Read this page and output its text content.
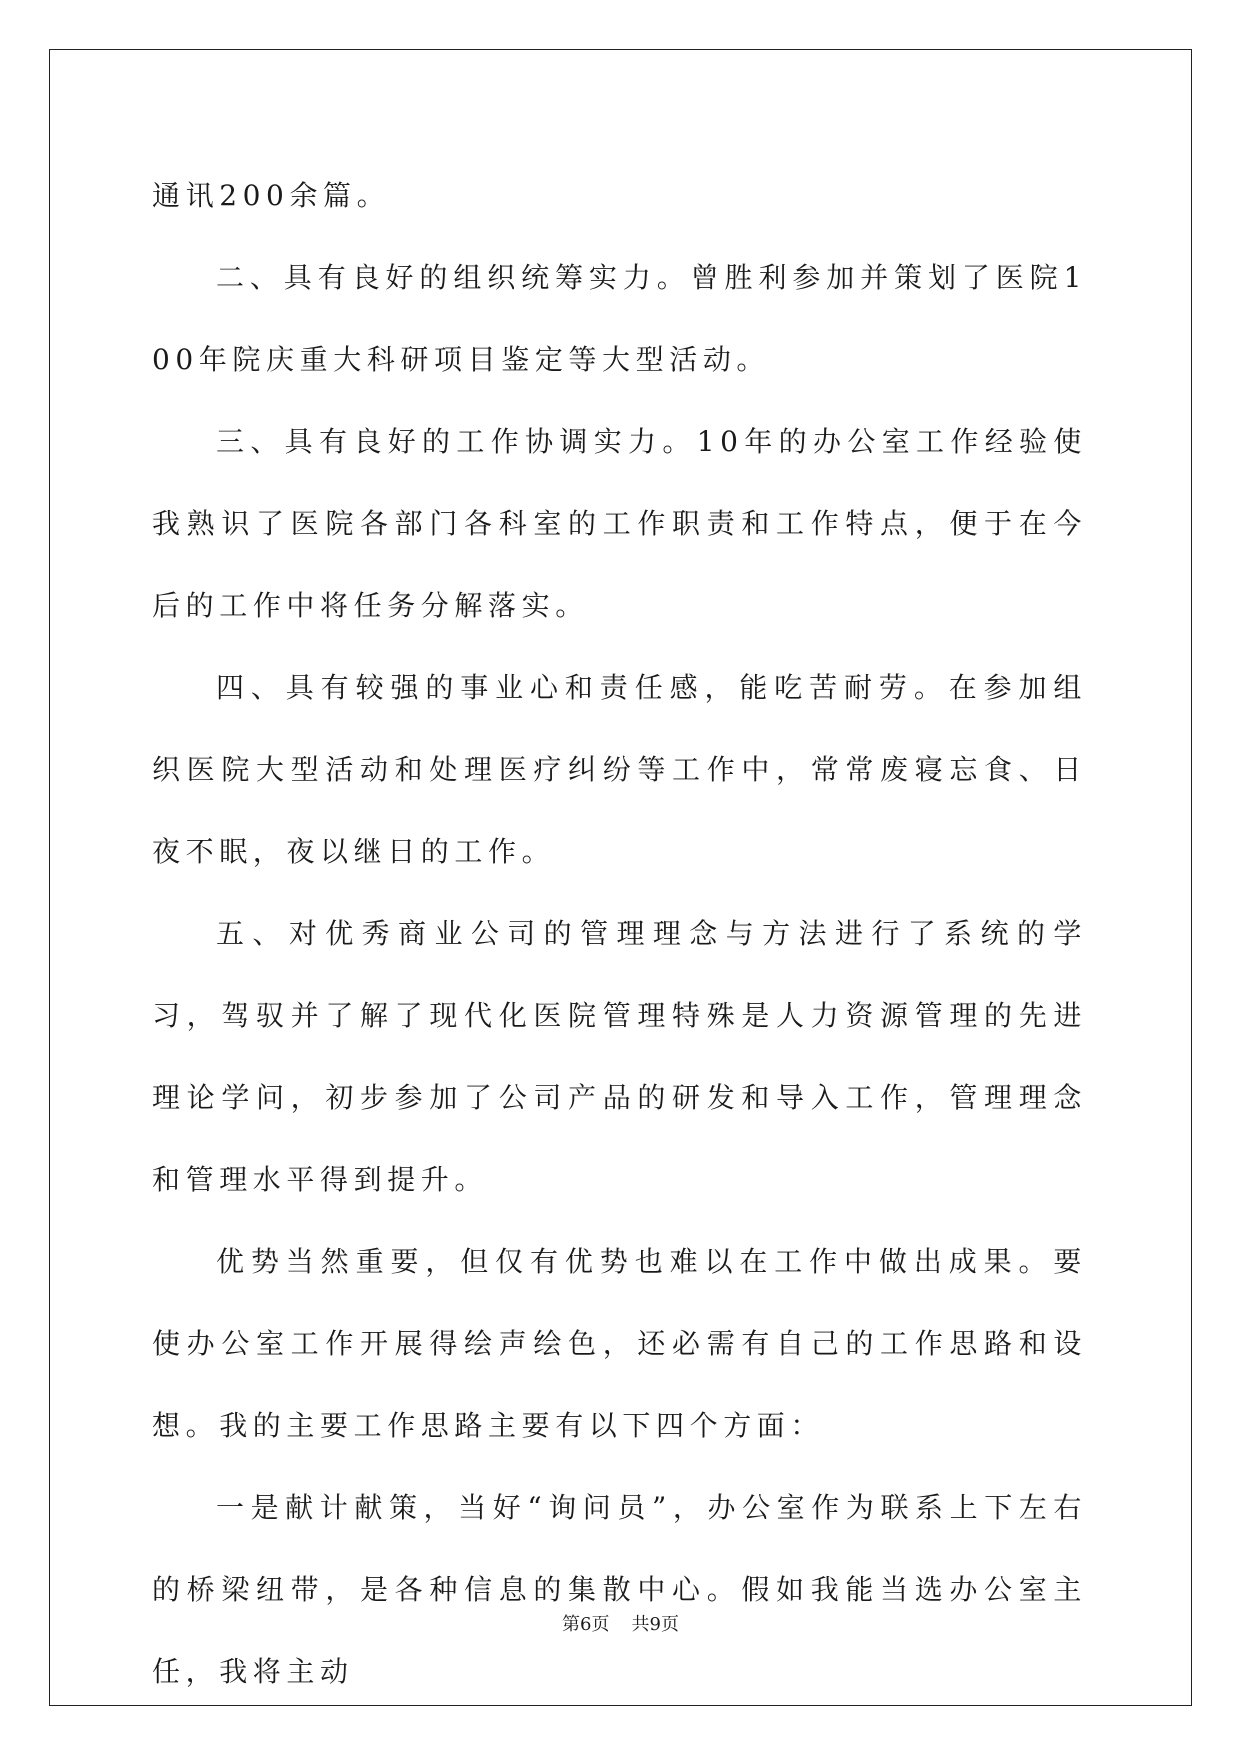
通讯200余篇。

二、具有良好的组织统筹实力。曾胜利参加并策划了医院100年院庆重大科研项目鉴定等大型活动。

三、具有良好的工作协调实力。10年的办公室工作经验使我熟识了医院各部门各科室的工作职责和工作特点，便于在今后的工作中将任务分解落实。

四、具有较强的事业心和责任感，能吃苦耐劳。在参加组织医院大型活动和处理医疗纠纷等工作中，常常废寝忘食、日夜不眠，夜以继日的工作。

五、对优秀商业公司的管理理念与方法进行了系统的学习，驾驭并了解了现代化医院管理特殊是人力资源管理的先进理论学问，初步参加了公司产品的研发和导入工作，管理理念和管理水平得到提升。

优势当然重要，但仅有优势也难以在工作中做出成果。要使办公室工作开展得绘声绘色，还必需有自己的工作思路和设想。我的主要工作思路主要有以下四个方面：

一是献计献策，当好“询问员”，办公室作为联系上下左右的桥梁纽带，是各种信息的集散中心。假如我能当选办公室主任，我将主动

第6页 共9页
